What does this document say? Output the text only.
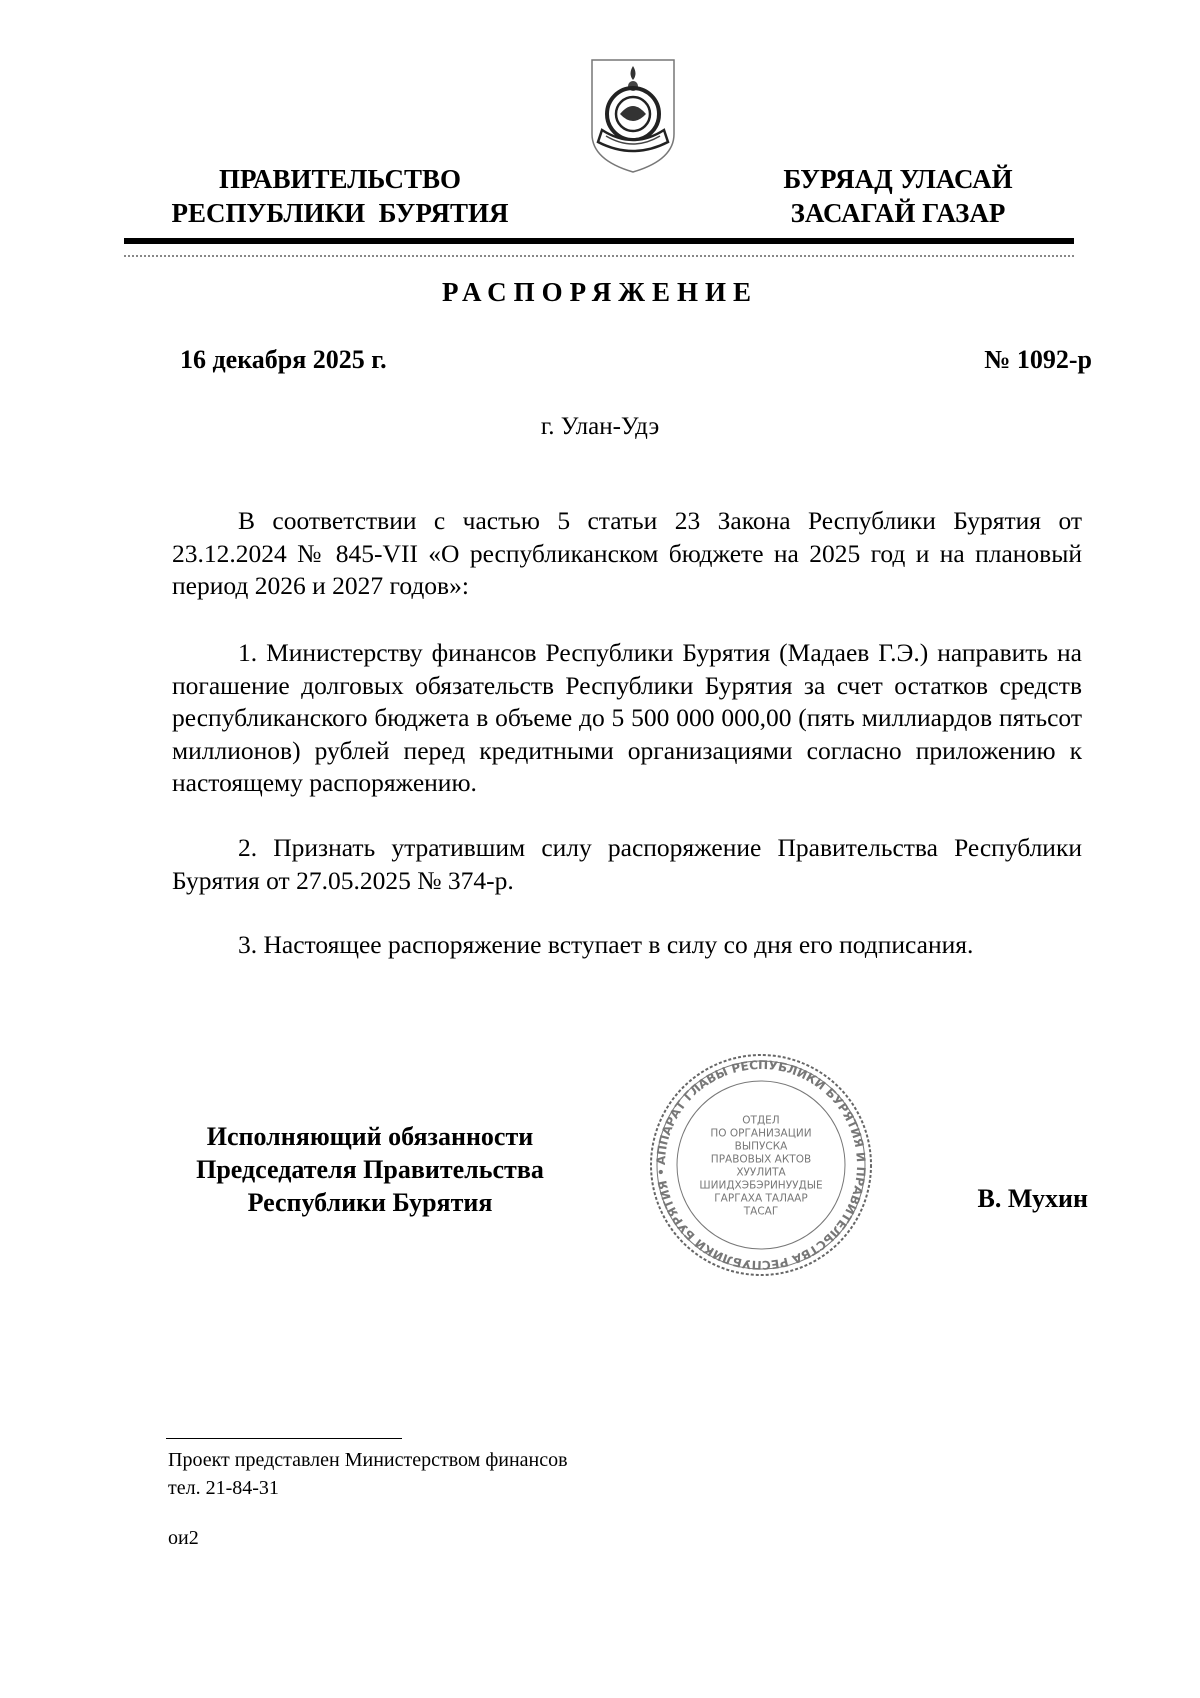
ПРАВИТЕЛЬСТВО
РЕСПУБЛИКИ  БУРЯТИЯ
БУРЯАД УЛАСАЙ
ЗАСАГАЙ ГАЗАР
РАСПОРЯЖЕНИЕ
16 декабря 2025 г.	№ 1092-р
г. Улан-Удэ

В соответствии с частью 5 статьи 23 Закона Республики Бурятия от 23.12.2024 № 845-VII «О республиканском бюджете на 2025 год и на плановый период 2026 и 2027 годов»:

1. Министерству финансов Республики Бурятия (Мадаев Г.Э.) направить на погашение долговых обязательств Республики Бурятия за счет остатков средств республиканского бюджета в объеме до 5 500 000 000,00 (пять миллиардов пятьсот миллионов) рублей перед кредитными организациями согласно приложению к настоящему распоряжению.

2. Признать утратившим силу распоряжение Правительства Республики Бурятия от 27.05.2025 № 374-р.

3. Настоящее распоряжение вступает в силу со дня его подписания.

Исполняющий обязанности
Председателя Правительства
Республики Бурятия
АППАРАТ ГЛАВЫ РЕСПУБЛИКИ БУРЯТИЯ И ПРАВИТЕЛЬСТВА РЕСПУБЛИКИ БУРЯТИЯ •
ОТДЕЛ
ПО ОРГАНИЗАЦИИ
ВЫПУСКА
ПРАВОВЫХ АКТОВ
ХУУЛИТА
ШИИДХЭБЭРИНУУДЫЕ
ГАРГАХА ТАЛААР
ТАСАГ	В. Мухин
Проект представлен Министерством финансов
тел. 21-84-31
ои2
